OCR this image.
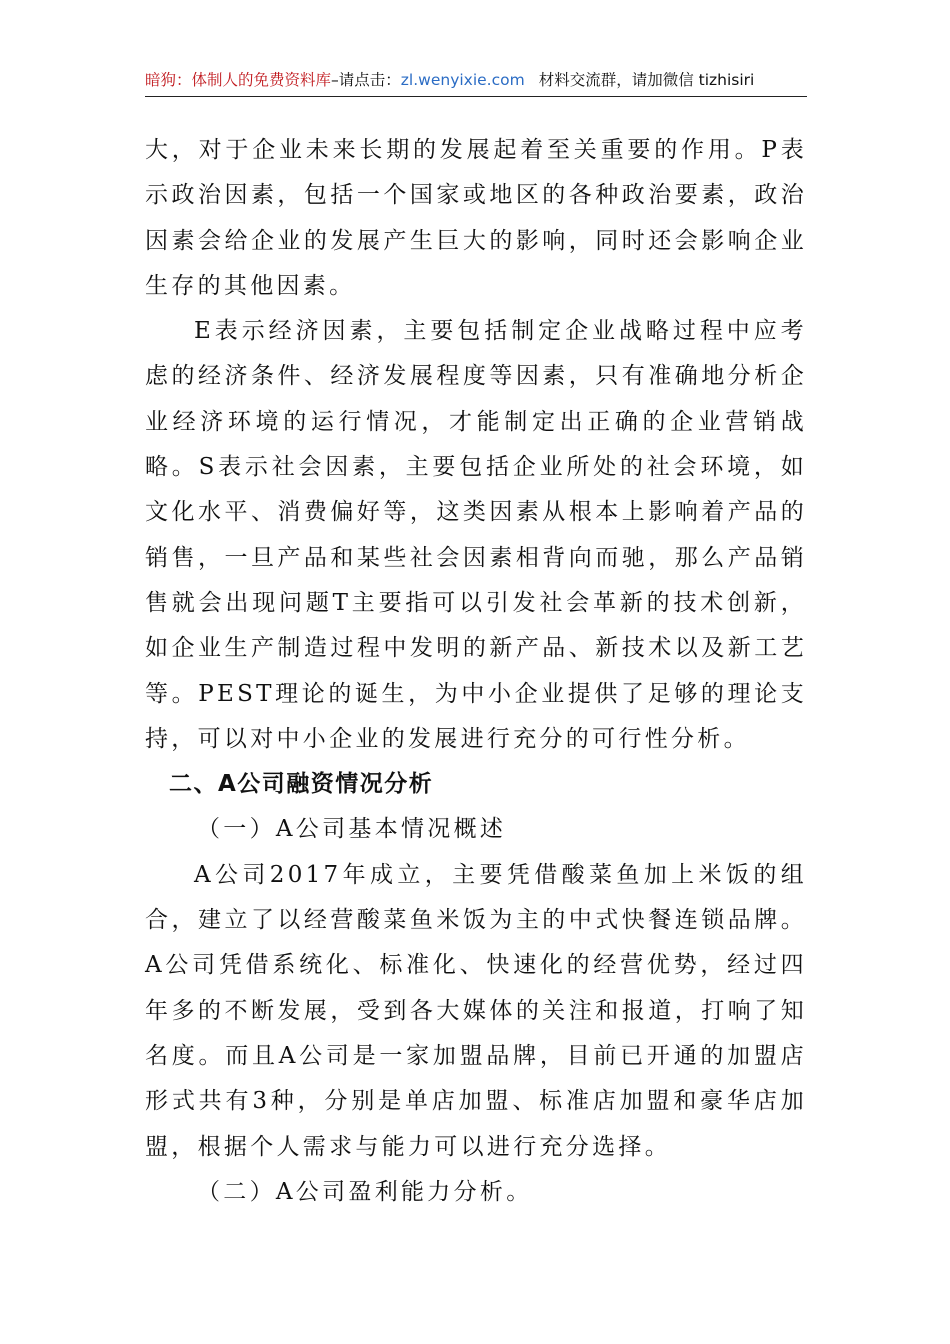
暗狗：体制人的免费资料库–请点击：zl.wenyixie.com 材料交流群，请加微信 tizhisiri

大，对于企业未来长期的发展起着至关重要的作用。P表示政治因素，包括一个国家或地区的各种政治要素，政治因素会给企业的发展产生巨大的影响，同时还会影响企业生存的其他因素。

E表示经济因素，主要包括制定企业战略过程中应考虑的经济条件、经济发展程度等因素，只有准确地分析企业经济环境的运行情况，才能制定出正确的企业营销战略。S表示社会因素，主要包括企业所处的社会环境，如文化水平、消费偏好等，这类因素从根本上影响着产品的销售，一旦产品和某些社会因素相背向而驰，那么产品销售就会出现问题T主要指可以引发社会革新的技术创新，如企业生产制造过程中发明的新产品、新技术以及新工艺等。PEST理论的诞生，为中小企业提供了足够的理论支持，可以对中小企业的发展进行充分的可行性分析。

二、A公司融资情况分析

（一）A公司基本情况概述

A公司2017年成立，主要凭借酸菜鱼加上米饭的组合，建立了以经营酸菜鱼米饭为主的中式快餐连锁品牌。A公司凭借系统化、标准化、快速化的经营优势，经过四年多的不断发展，受到各大媒体的关注和报道，打响了知名度。而且A公司是一家加盟品牌，目前已开通的加盟店形式共有3种，分别是单店加盟、标准店加盟和豪华店加盟，根据个人需求与能力可以进行充分选择。

（二）A公司盈利能力分析。
